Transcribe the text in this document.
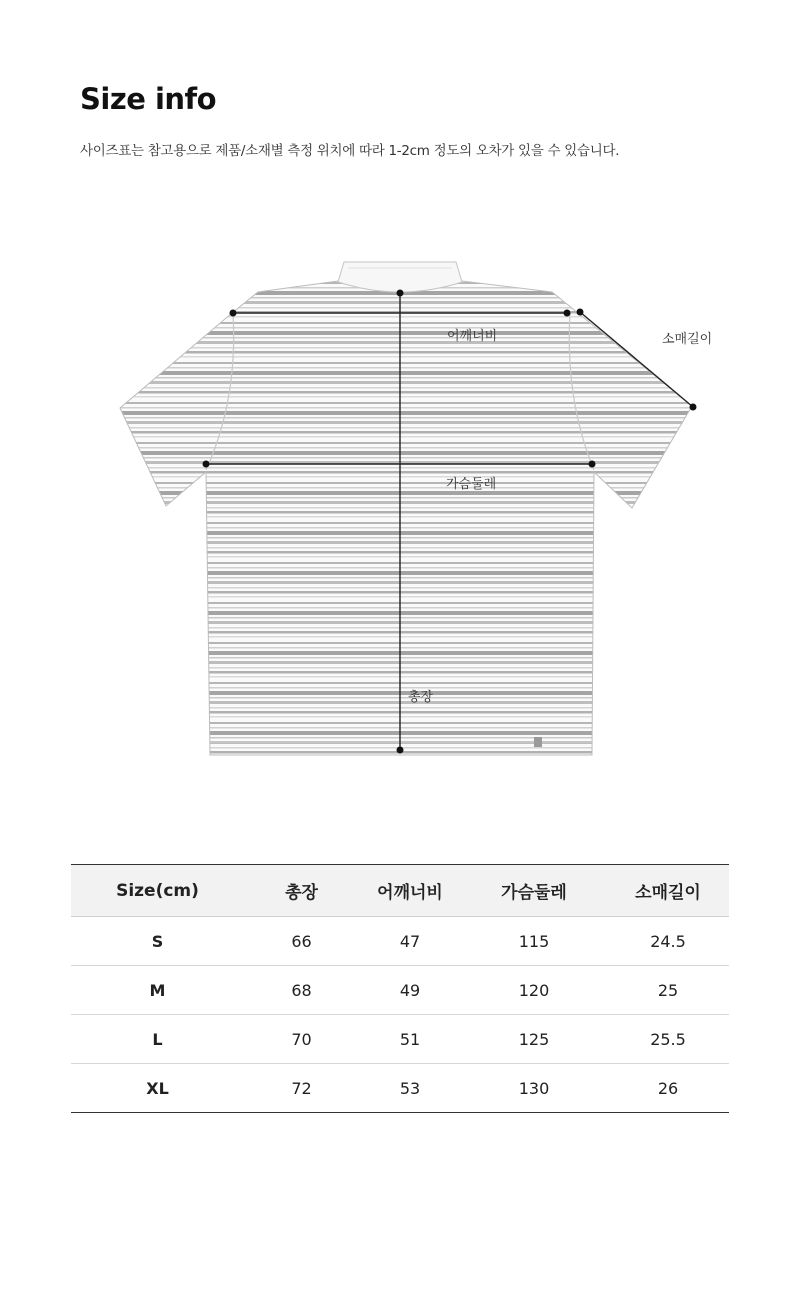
Size info
사이즈표는 참고용으로 제품/소재별 측정 위치에 따라 1-2cm 정도의 오차가 있을 수 있습니다.
어깨너비	소매길이
가슴둘레
총장
Size(cm)	총장	어깨너비	가슴둘레	소매길이
S	66	47	115	24.5
M	68	49	120	25
L	70	51	125	25.5
XL	72	53	130	26
